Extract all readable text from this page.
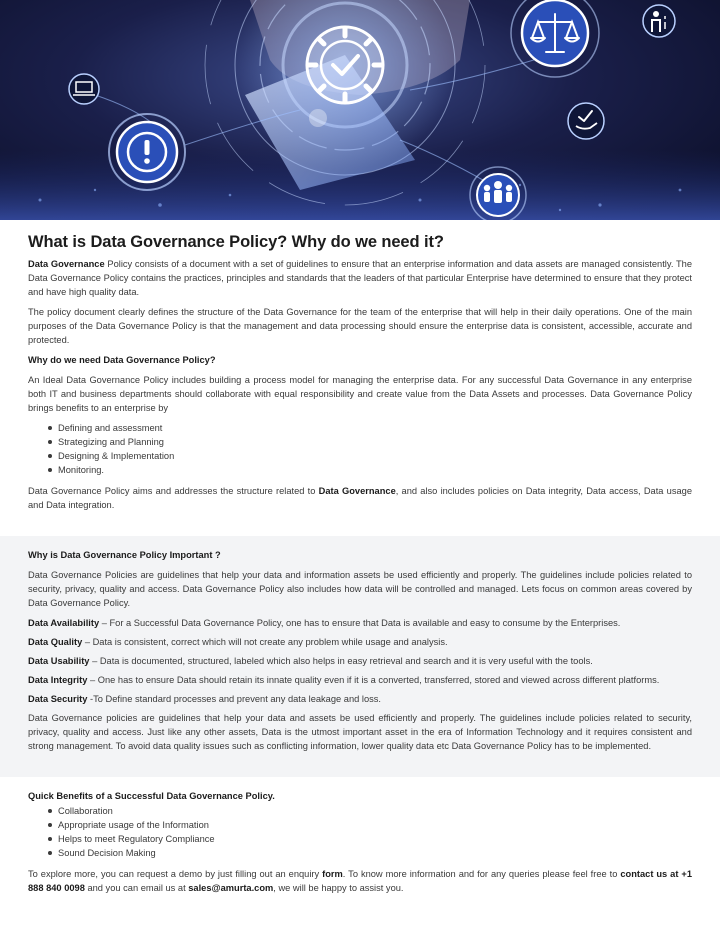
What is Data Governance Policy? Why do we need it?

Data Governance Policy consists of a document with a set of guidelines to ensure that an enterprise information and data assets are managed consistently. The Data Governance Policy contains the practices, principles and standards that the leaders of that particular Enterprise have determined to ensure that they protect and have high quality data.

The policy document clearly defines the structure of the Data Governance for the team of the enterprise that will help in their daily operations. One of the main purposes of the Data Governance Policy is that the management and data processing should ensure the enterprise data is consistent, accessible, accurate and protected.

Why do we need Data Governance Policy?

An Ideal Data Governance Policy includes building a process model for managing the enterprise data. For any successful Data Governance in any enterprise both IT and business departments should collaborate with equal responsibility and create value from the Data Assets and processes. Data Governance Policy brings benefits to an enterprise by

Defining and assessment
Strategizing and Planning
Designing & Implementation
Monitoring.

Data Governance Policy aims and addresses the structure related to Data Governance, and also includes policies on Data integrity, Data access, Data usage and Data integration.

Why is Data Governance Policy Important ?

Data Governance Policies are guidelines that help your data and information assets be used efficiently and properly. The guidelines include policies related to security, privacy, quality and access. Data Governance Policy also includes how data will be controlled and managed. Lets focus on common areas covered by Data Governance Policy.

Data Availability – For a Successful Data Governance Policy, one has to ensure that Data is available and easy to consume by the Enterprises.

Data Quality – Data is consistent, correct which will not create any problem while usage and analysis.

Data Usability – Data is documented, structured, labeled which also helps in easy retrieval and search and it is very useful with the tools.

Data Integrity – One has to ensure Data should retain its innate quality even if it is a converted, transferred, stored and viewed across different platforms.

Data Security -To Define standard processes and prevent any data leakage and loss.

Data Governance policies are guidelines that help your data and assets be used efficiently and properly. The guidelines include policies related to security, privacy, quality and access. Just like any other assets, Data is the utmost important asset in the era of Information Technology and it requires consistent and strong management. To avoid data quality issues such as conflicting information, lower quality data etc Data Governance Policy has to be implemented.

Quick Benefits of a Successful Data Governance Policy.
Collaboration
Appropriate usage of the Information
Helps to meet Regulatory Compliance
Sound Decision Making

To explore more, you can request a demo by just filling out an enquiry form. To know more information and for any queries please feel free to contact us at +1 888 840 0098 and you can email us at sales@amurta.com, we will be happy to assist you.
